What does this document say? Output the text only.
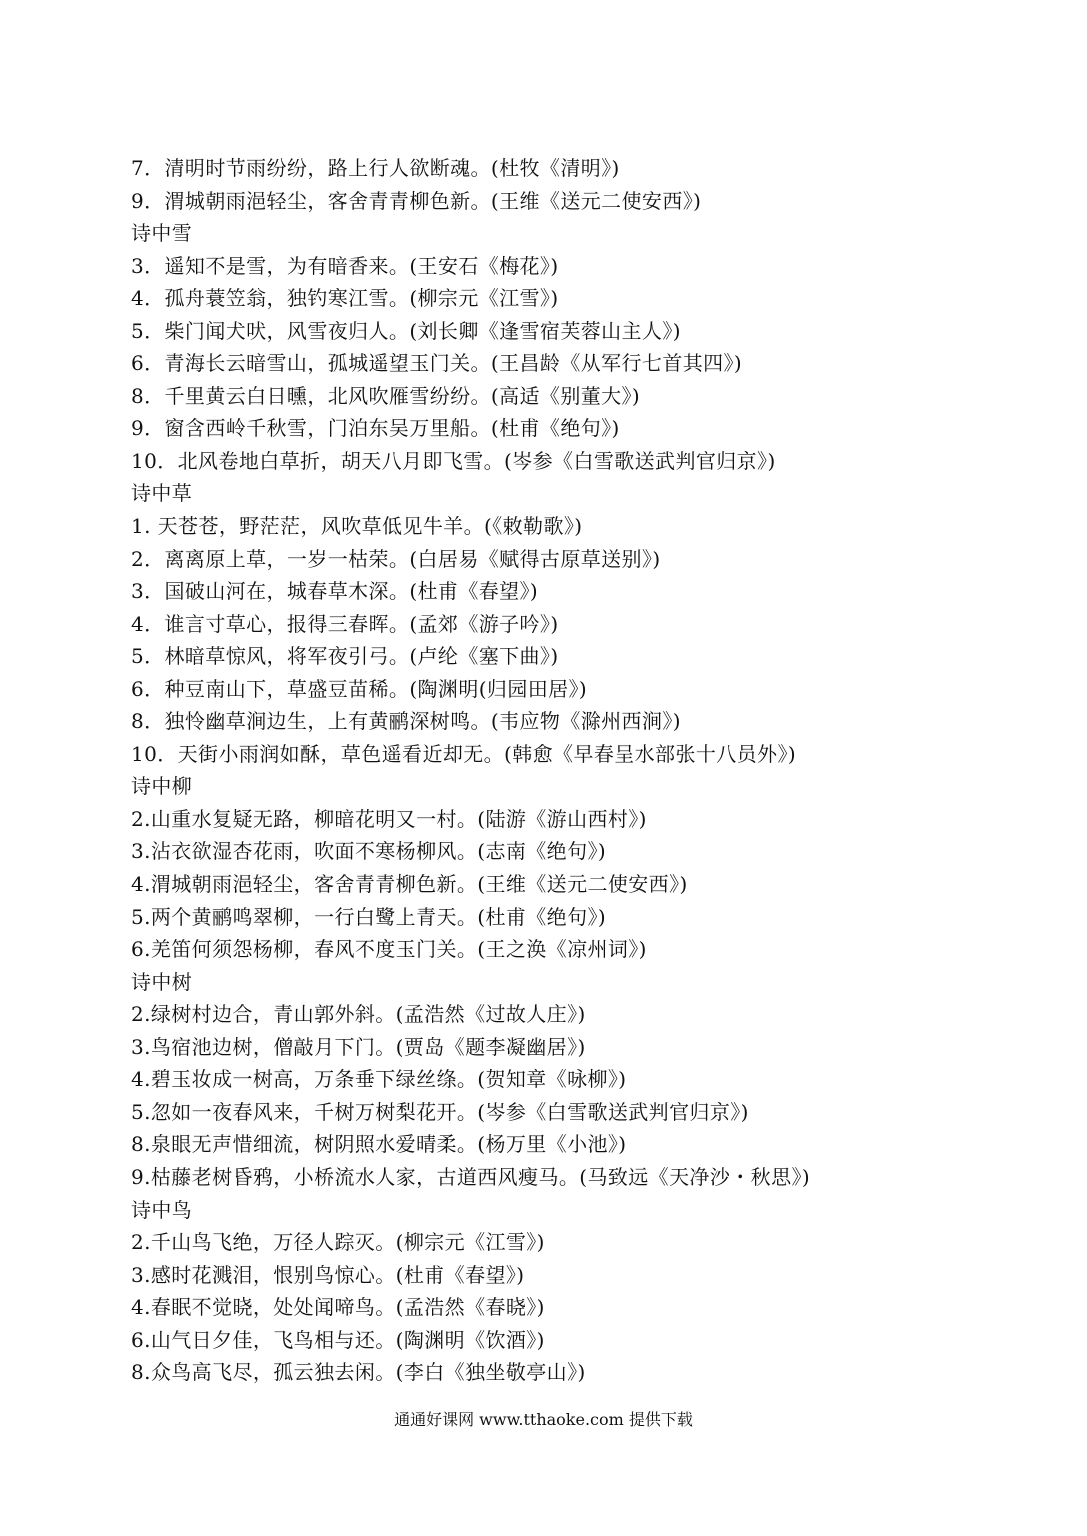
7．清明时节雨纷纷，路上行人欲断魂。(杜牧《清明》)
9．渭城朝雨浥轻尘，客舍青青柳色新。(王维《送元二使安西》)
诗中雪
3．遥知不是雪，为有暗香来。(王安石《梅花》)
4．孤舟蓑笠翁，独钓寒江雪。(柳宗元《江雪》)
5．柴门闻犬吠，风雪夜归人。(刘长卿《逢雪宿芙蓉山主人》)
6．青海长云暗雪山，孤城遥望玉门关。(王昌龄《从军行七首其四》)
8．千里黄云白日曛，北风吹雁雪纷纷。(高适《别董大》)
9．窗含西岭千秋雪，门泊东吴万里船。(杜甫《绝句》)
10．北风卷地白草折，胡天八月即飞雪。(岑参《白雪歌送武判官归京》)
诗中草
1. 天苍苍，野茫茫，风吹草低见牛羊。(《敕勒歌》)
2．离离原上草，一岁一枯荣。(白居易《赋得古原草送别》)
3．国破山河在，城春草木深。(杜甫《春望》)
4．谁言寸草心，报得三春晖。(孟郊《游子吟》)
5．林暗草惊风，将军夜引弓。(卢纶《塞下曲》)
6．种豆南山下，草盛豆苗稀。(陶渊明(归园田居》)
8．独怜幽草涧边生，上有黄鹂深树鸣。(韦应物《滁州西涧》)
10．天街小雨润如酥，草色遥看近却无。(韩愈《早春呈水部张十八员外》)
诗中柳
2.山重水复疑无路，柳暗花明又一村。(陆游《游山西村》)
3.沾衣欲湿杏花雨，吹面不寒杨柳风。(志南《绝句》)
4.渭城朝雨浥轻尘，客舍青青柳色新。(王维《送元二使安西》)
5.两个黄鹂鸣翠柳，一行白鹭上青天。(杜甫《绝句》)
6.羌笛何须怨杨柳，春风不度玉门关。(王之涣《凉州词》)
诗中树
2.绿树村边合，青山郭外斜。(孟浩然《过故人庄》)
3.鸟宿池边树，僧敲月下门。(贾岛《题李凝幽居》)
4.碧玉妆成一树高，万条垂下绿丝绦。(贺知章《咏柳》)
5.忽如一夜春风来，千树万树梨花开。(岑参《白雪歌送武判官归京》)
8.泉眼无声惜细流，树阴照水爱晴柔。(杨万里《小池》)
9.枯藤老树昏鸦，小桥流水人家，古道西风瘦马。(马致远《天净沙・秋思》)
诗中鸟
2.千山鸟飞绝，万径人踪灭。(柳宗元《江雪》)
3.感时花溅泪，恨别鸟惊心。(杜甫《春望》)
4.春眠不觉晓，处处闻啼鸟。(孟浩然《春晓》)
6.山气日夕佳，飞鸟相与还。(陶渊明《饮酒》)
8.众鸟高飞尽，孤云独去闲。(李白《独坐敬亭山》)
通通好课网 www.tthaoke.com 提供下载
